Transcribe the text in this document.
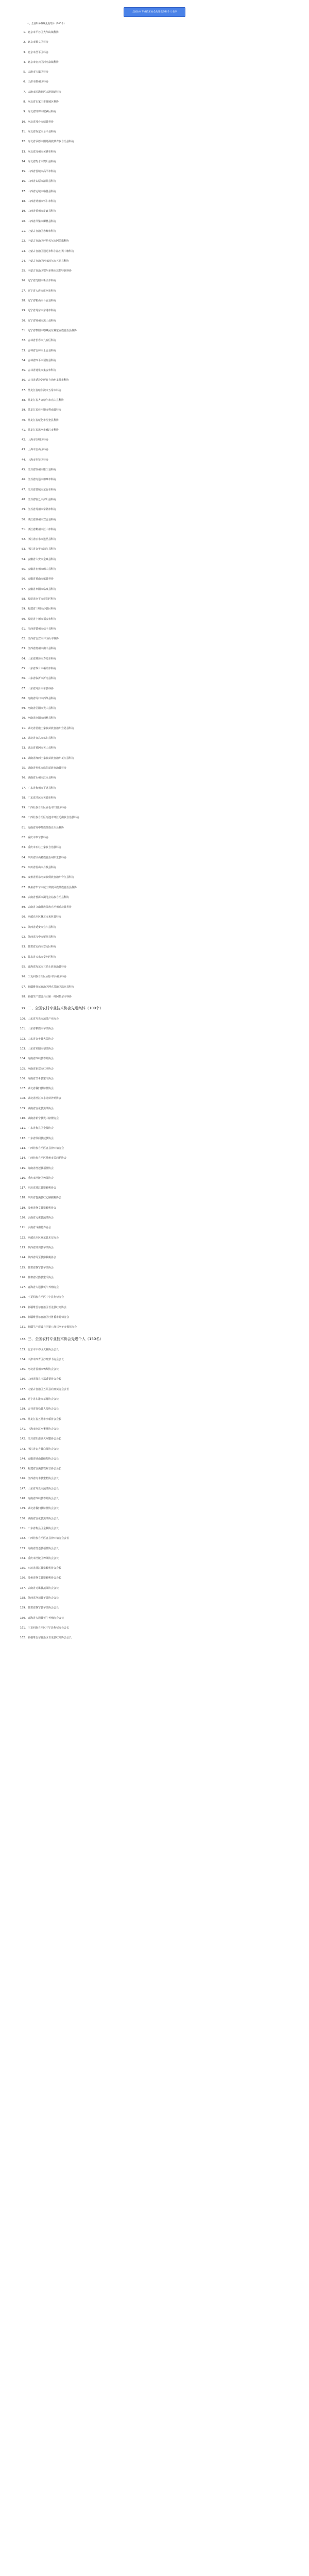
全国农村专业技术协会先进集体和个人名单
一、全国科协系统先进集体（205个）
1. 北京市平谷区大华山镇科协
2. 北京市顺义区科协
3. 北京市昌平区科协
4. 北京市密云区河南寨镇科协
5. 天津市宝坻区科协
6. 天津市蓟州区科协
7. 天津市滨海新区大港街道科协
8. 河北省石家庄市藁城区科协
9. 河北省邯郸市肥乡区科协
10. 河北省邢台市威县科协
11. 河北省保定市阜平县科协
12. 河北省承德市围场满族蒙古族自治县科协
13. 河北省沧州市黄骅市科协
14. 河北省衡水市饶阳县科协
15. 山西省晋城市高平市科协
16. 山西省太原市清徐县科协
17. 山西省运城市临猗县科协
18. 山西省朔州市怀仁市科协
19. 山西省忻州市定襄县科协
20. 山西省吕梁市柳林县科协
21. 内蒙古自治区赤峰市科协
22. 内蒙古自治区呼伦贝尔市阿荣旗科协
23. 内蒙古自治区通辽市科尔沁左翼中旗科协
24. 内蒙古自治区巴彦淖尔市五原县科协
25. 内蒙古自治区鄂尔多斯市达拉特旗科协
26. 辽宁省沈阳市新民市科协
27. 辽宁省大连市庄河市科协
28. 辽宁省鞍山市台安县科协
29. 辽宁省丹东市东港市科协
30. 辽宁省锦州市黑山县科协
31. 辽宁省朝阳市喀喇沁左翼蒙古族自治县科协
32. 吉林省长春市九台区科协
33. 吉林省吉林市永吉县科协
34. 吉林省四平市梨树县科协
35. 吉林省通化市集安市科协
36. 吉林省延边朝鲜族自治州龙井市科协
37. 黑龙江省哈尔滨市五常市科协
38. 黑龙江省齐齐哈尔市克山县科协
39. 黑龙江省佳木斯市桦南县科协
40. 黑龙江省绥化市望奎县科协
41. 黑龙江省黑河市嫩江市科协
42. 上海市崇明区科协
43. 上海市金山区科协
44. 上海市奉贤区科协
45. 江苏省徐州市睢宁县科协
46. 江苏省南通市如皋市科协
47. 江苏省盐城市东台市科协
48. 江苏省宿迁市沭阳县科协
49. 江苏省苏州市常熟市科协
50. 浙江省湖州市安吉县科协
51. 浙江省衢州市江山市科协
52. 浙江省丽水市遂昌县科协
53. 浙江省金华市浦江县科协
54. 安徽省六安市金寨县科协
55. 安徽省宿州市砀山县科协
56. 安徽省黄山市歙县科协
57. 安徽省阜阳市临泉县科协
58. 福建省南平市建阳区科协
59. 福建省三明市沙县区科协
60. 福建省宁德市福安市科协
61. 江西省赣州市信丰县科协
62. 江西省吉安市井冈山市科协
63. 江西省抚州市南丰县科协
64. 山东省潍坊市寿光市科协
65. 山东省烟台市栖霞市科协
66. 山东省临沂市沂南县科协
67. 山东省菏泽市单县科协
68. 河南省周口市西华县科协
69. 河南省信阳市光山县科协
70. 河南省南阳市西峡县科协
71. 湖北省恩施土家族苗族自治州宣恩县科协
72. 湖北省宜昌市秭归县科协
73. 湖北省黄冈市英山县科协
74. 湖南省湘西土家族苗族自治州花垣县科协
75. 湖南省怀化市麻阳苗族自治县科协
76. 湖南省永州市江永县科协
77. 广东省梅州市平远县科协
78. 广东省清远市英德市科协
79. 广西壮族自治区百色市田阳区科协
80. 广西壮族自治区河池市环江毛南族自治县科协
81. 海南省琼中黎族苗族自治县科协
82. 重庆市奉节县科协
83. 重庆市石柱土家族自治县科协
84. 四川省凉山彝族自治州昭觉县科协
85. 四川省眉山市丹棱县科协
86. 贵州省黔东南苗族侗族自治州台江县科协
87. 贵州省毕节市威宁彝族回族苗族自治县科协
88. 云南省普洱市澜沧拉祜族自治县科协
89. 云南省文山壮族苗族自治州丘北县科协
90. 西藏自治区林芝市米林县科协
91. 陕西省延安市宜川县科协
92. 陕西省汉中市留坝县科协
93. 甘肃省定西市安定区科协
94. 甘肃省天水市秦州区科协
95. 青海省海东市互助土族自治县科协
96. 宁夏回族自治区固原市原州区科协
97. 新疆维吾尔自治区阿克苏地区温宿县科协
98. 新疆生产建设兵团第一师阿拉尔市科协
99. 二、全国农村专业技术协会先进集体（100个）
100. 山东省寿光市蔬菜产业协会
101. 山东省栖霞市苹果协会
102. 山东省金乡县大蒜协会
103. 山东省莱阳市梨果协会
104. 河南省西峡县香菇协会
105. 河南省新郑市红枣协会
106. 河南省兰考县蜜瓜协会
107. 湖北省秭归县脐橙协会
108. 湖北省潜江市小龙虾养殖协会
109. 湖南省安化县黑茶协会
110. 湖南省新宁县崀山脐橙协会
111. 广东省梅县区金柚协会
112. 广东省徐闻县菠萝协会
113. 广西壮族自治区容县沙田柚协会
114. 广西壮族自治区横州市茉莉花协会
115. 海南省澄迈县福橙协会
116. 重庆市涪陵区榨菜协会
117. 四川省蒲江县猕猴桃协会
118. 四川省苍溪县红心猕猴桃协会
119. 贵州省修文县猕猴桃协会
120. 云南省元谋县蔬菜协会
121. 云南省斗南花卉协会
122. 西藏自治区亚东县木耳协会
123. 陕西省洛川县苹果协会
124. 陕西省周至县猕猴桃协会
125. 甘肃省静宁县苹果协会
126. 甘肃省民勤县蜜瓜协会
127. 青海省大通县牦牛养殖协会
128. 宁夏回族自治区中宁县枸杞协会
129. 新疆维吾尔自治区若羌县红枣协会
130. 新疆维吾尔自治区吐鲁番市葡萄协会
131. 新疆生产建设兵团第八师石河子市棉花协会
132. 三、全国农村专业技术协会先进个人（150名）
133. 北京市平谷区大桃协会会长
134. 天津市西青区沙窝萝卜协会会长
135. 河北省晋州市鸭梨协会会长
136. 山西省隰县玉露香梨协会会长
137. 内蒙古自治区五原县向日葵协会会长
138. 辽宁省东港市草莓协会会长
139. 吉林省抚松县人参协会会长
140. 黑龙江省五常市水稻协会会长
141. 上海市南汇水蜜桃协会会长
142. 江苏省阳澄湖大闸蟹协会会长
143. 浙江省安吉县白茶协会会长
144. 安徽省砀山县酥梨协会会长
145. 福建省安溪县铁观音协会会长
146. 江西省南丰县蜜桔协会会长
147. 山东省寿光市蔬菜协会会长
148. 河南省西峡县香菇协会会长
149. 湖北省秭归县脐橙协会会长
150. 湖南省安化县黑茶协会会长
151. 广东省梅县区金柚协会会长
152. 广西壮族自治区容县沙田柚协会会长
153. 海南省澄迈县福橙协会会长
154. 重庆市涪陵区榨菜协会会长
155. 四川省蒲江县猕猴桃协会会长
156. 贵州省修文县猕猴桃协会会长
157. 云南省元谋县蔬菜协会会长
158. 陕西省洛川县苹果协会会长
159. 甘肃省静宁县苹果协会会长
160. 青海省大通县牦牛养殖协会会长
161. 宁夏回族自治区中宁县枸杞协会会长
162. 新疆维吾尔自治区若羌县红枣协会会长
